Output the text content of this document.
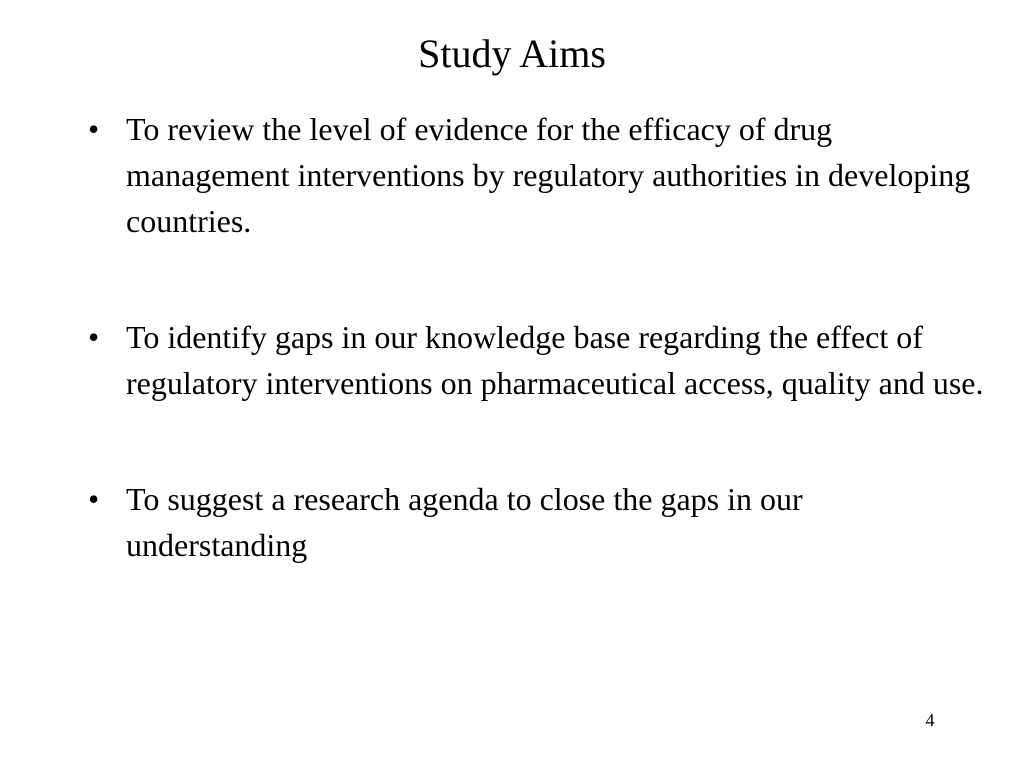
Study Aims
• To review the level of evidence for the efficacy of drug management interventions by regulatory authorities in developing countries.
• To identify gaps in our knowledge base regarding the effect of regulatory interventions on pharmaceutical access, quality and use.
• To suggest a research agenda to close the gaps in our understanding
4
